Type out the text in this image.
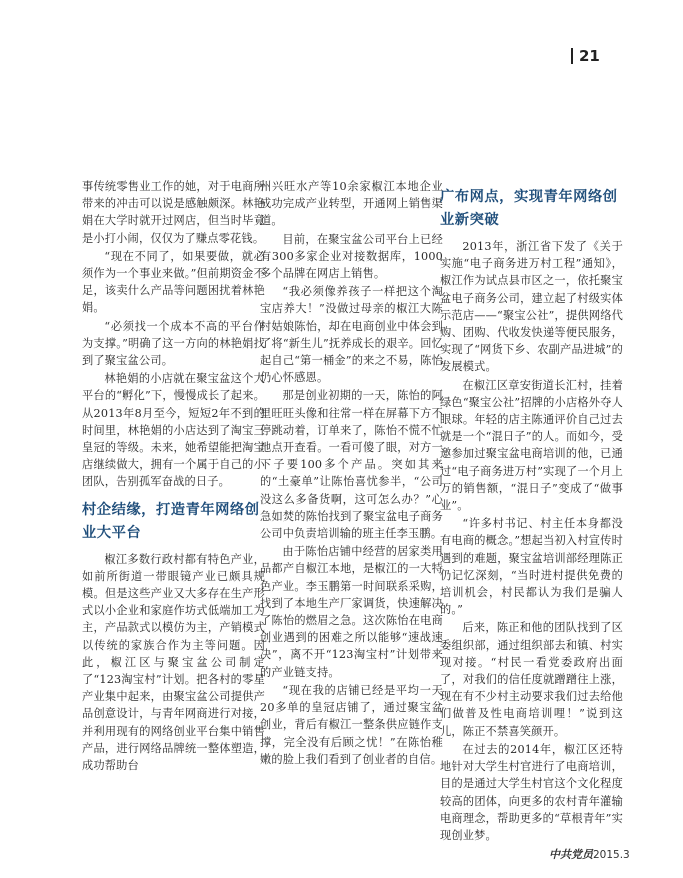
21

事传统零售业工作的她，对于电商所带来的冲击可以说是感触颇深。林艳娟在大学时就开过网店，但当时毕竟是小打小闹，仅仅为了赚点零花钱。

“现在不同了，如果要做，就必须作为一个事业来做。”但前期资金不足，该卖什么产品等问题困扰着林艳娟。

“必须找一个成本不高的平台作为支撑。”明确了这一方向的林艳娟找到了聚宝盆公司。

林艳娟的小店就在聚宝盆这个大平台的“孵化”下，慢慢成长了起来。从2013年8月至今，短短2年不到的时间里，林艳娟的小店达到了淘宝三皇冠的等级。未来，她希望能把淘宝店继续做大，拥有一个属于自己的小团队，告别孤军奋战的日子。

村企结缘，打造青年网络创业大平台

椒江多数行政村都有特色产业，如前所街道一带眼镜产业已颇具规模。但是这些产业又大多存在生产形式以小企业和家庭作坊式低端加工为主，产品款式以模仿为主，产销模式以传统的家族合作为主等问题。因此，椒江区与聚宝盆公司制定了“123淘宝村”计划。把各村的零星产业集中起来，由聚宝盆公司提供产品创意设计，与青年网商进行对接，并利用现有的网络创业平台集中销售产品，进行网络品牌统一整体塑造，成功帮助台

州兴旺水产等10余家椒江本地企业成功完成产业转型，开通网上销售渠道。

目前，在聚宝盆公司平台上已经有300多家企业对接数据库，1000多个品牌在网店上销售。

“我必须像养孩子一样把这个淘宝店养大！”没做过母亲的椒江大陈村姑娘陈怡，却在电商创业中体会到了将“新生儿”抚养成长的艰辛。回忆起自己“第一桶金”的来之不易，陈怡仍心怀感恩。

那是创业初期的一天，陈怡的阿里旺旺头像和往常一样在屏幕下方不停跳动着，订单来了，陈怡不慌不忙地点开查看。一看可傻了眼，对方一下子要100多个产品。突如其来的“土豪单”让陈怡喜忧参半，“公司没这么多备货啊，这可怎么办？”心急如焚的陈怡找到了聚宝盆电子商务公司中负责培训输的班主任李玉鹏。

由于陈怡店铺中经营的居家类用品都产自椒江本地，是椒江的一大特色产业。李玉鹏第一时间联系采购，找到了本地生产厂家调货，快速解决了陈怡的燃眉之急。这次陈怡在电商创业遇到的困难之所以能够“速战速决”，离不开“123淘宝村”计划带来的产业链支持。

“现在我的店铺已经是平均一天20多单的皇冠店铺了，通过聚宝盆创业，背后有椒江一整条供应链作支撑，完全没有后顾之忧！”在陈怡稚嫩的脸上我们看到了创业者的自信。

广布网点，实现青年网络创业新突破

2013年，浙江省下发了《关于实施“电子商务进万村工程”通知》，椒江作为试点县市区之一，依托聚宝盆电子商务公司，建立起了村级实体示范店——“聚宝公社”，提供网络代购、团购、代收发快递等便民服务，实现了“网货下乡、农副产品进城”的发展模式。

在椒江区章安街道长汇村，挂着绿色“聚宝公社”招牌的小店格外夺人眼球。年轻的店主陈通评价自己过去就是一个“混日子”的人。而如今，受邀参加过聚宝盆电商培训的他，已通过“电子商务进万村”实现了一个月上万的销售额，“混日子”变成了“做事业”。

“许多村书记、村主任本身都没有电商的概念。”想起当初入村宣传时遇到的难题，聚宝盆培训部经理陈正仍记忆深刻，“当时进村提供免费的培训机会，村民都认为我们是骗人的。”

后来，陈正和他的团队找到了区委组织部，通过组织部去和镇、村实现对接。“村民一看党委政府出面了，对我们的信任度就蹭蹭往上涨，现在有不少村主动要求我们过去给他们做普及性电商培训哩！”说到这儿，陈正不禁喜笑颜开。

在过去的2014年，椒江区还特地针对大学生村官进行了电商培训，目的是通过大学生村官这个文化程度较高的团体，向更多的农村青年灌输电商理念，帮助更多的“草根青年”实现创业梦。

中共党员2015.3
